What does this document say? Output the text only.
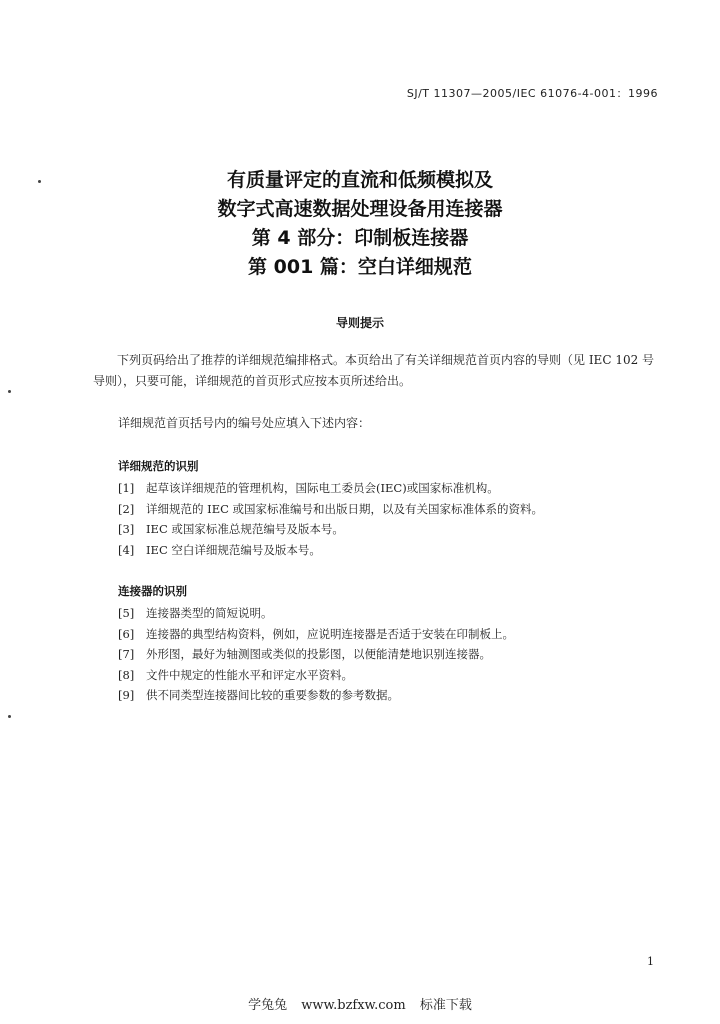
SJ/T 11307—2005/IEC 61076-4-001：1996

有质量评定的直流和低频模拟及

数字式高速数据处理设备用连接器

第 4 部分：印制板连接器

第 001 篇：空白详细规范

导则提示

下列页码给出了推荐的详细规范编排格式。本页给出了有关详细规范首页内容的导则（见 IEC 102 号导则），只要可能，详细规范的首页形式应按本页所述给出。

详细规范首页括号内的编号处应填入下述内容：

详细规范的识别

[1]	起草该详细规范的管理机构，国际电工委员会(IEC)或国家标准机构。
[2]	详细规范的 IEC 或国家标准编号和出版日期，以及有关国家标准体系的资料。
[3]	IEC 或国家标准总规范编号及版本号。
[4]	IEC 空白详细规范编号及版本号。

连接器的识别

[5]	连接器类型的简短说明。
[6]	连接器的典型结构资料，例如，应说明连接器是否适于安装在印制板上。
[7]	外形图，最好为轴测图或类似的投影图，以便能清楚地识别连接器。
[8]	文件中规定的性能水平和评定水平资料。
[9]	供不同类型连接器间比较的重要参数的参考数据。
1
学兔兔 www.bzfxw.com 标准下载
